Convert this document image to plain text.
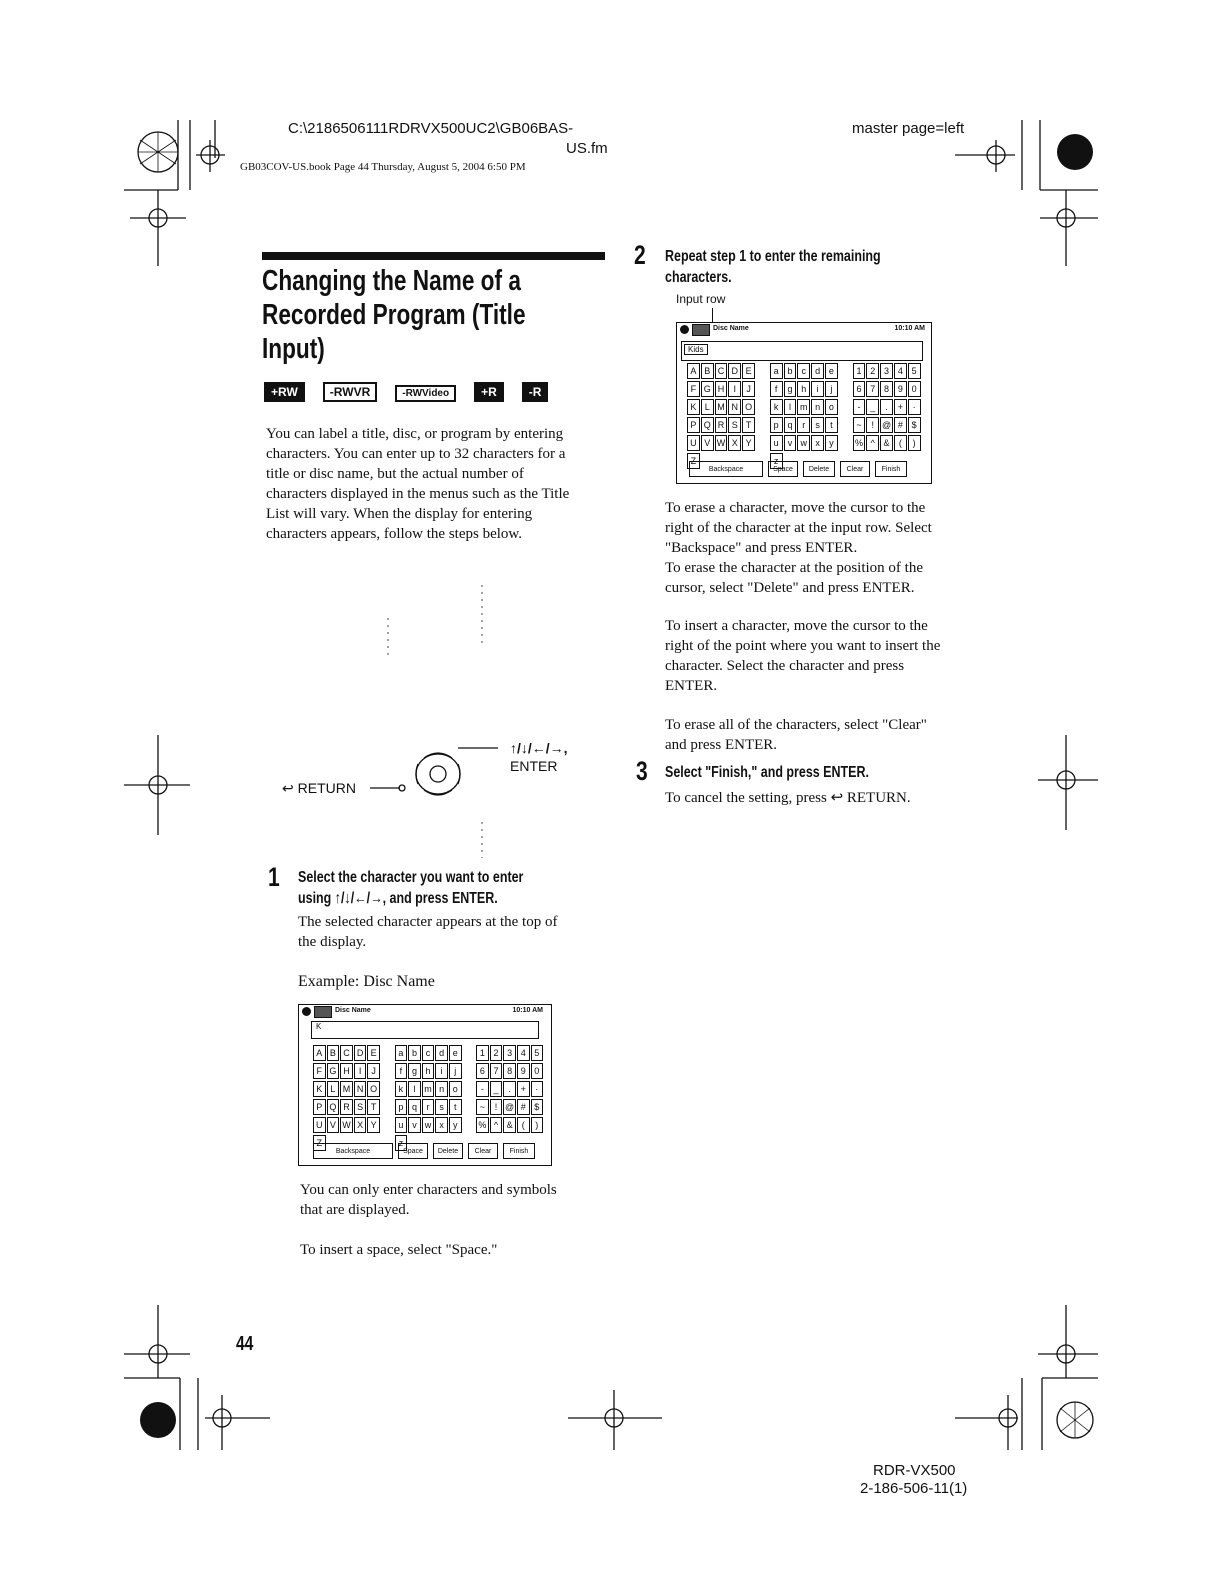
C:\2186506111RDRVX500UC2\GB06BAS-
US.fm
GB03COV-US.book Page 44 Thursday, August 5, 2004 6:50 PM
master page=left
Changing the Name of a
Recorded Program (Title
Input)
+RW	-RWVR	-RWVideo	+R	-R
You can label a title, disc, or program by entering
characters. You can enter up to 32 characters for a
title or disc name, but the actual number of
characters displayed in the menus such as the Title
List will vary. When the display for entering
characters appears, follow the steps below.
↑/↓/←/→,
ENTER
↩ RETURN
1 Select the character you want to enter
using ↑/↓/←/→, and press ENTER.
The selected character appears at the top of
the display.
Example: Disc Name
Disc Name	10:10 AM
K
A B C D E	a b c d e	1 2 3 4 5
F G H	I	J	f	g h	i	j	6 7 8 9 0
K L M N O	k	l m n o	-	_	.	+	·
P Q R S T	p q	r	s	t	~	! @ # $
U V W X Y	u v w x	y	% ^ &	(	)
Z	z
Backspace	Space	Delete	Clear	Finish
You can only enter characters and symbols
that are displayed.
To insert a space, select "Space."
44
2 Repeat step 1 to enter the remaining
characters.
Input row
Disc Name	10:10 AM
Kids
A B C D E	a b	c	d e	1 2 3 4 5
F G H	I	J	f	g h	i	j	6 7 8 9 0
K L M N O	k	l	m n o	-	_	.	+	·
P Q R S T	p q	r	s	t	~	! @ # $
U V W X Y	u	v w x	y	% ^ &	(	)
Z	z
Backspace	Space	Delete	Clear	Finish
To erase a character, move the cursor to the
right of the character at the input row. Select
"Backspace" and press ENTER.
To erase the character at the position of the
cursor, select "Delete" and press ENTER.
To insert a character, move the cursor to the
right of the point where you want to insert the
character. Select the character and press
ENTER.
To erase all of the characters, select "Clear"
and press ENTER.
3 Select "Finish," and press ENTER.
To cancel the setting, press ↩ RETURN.
RDR-VX500
2-186-506-11(1)
